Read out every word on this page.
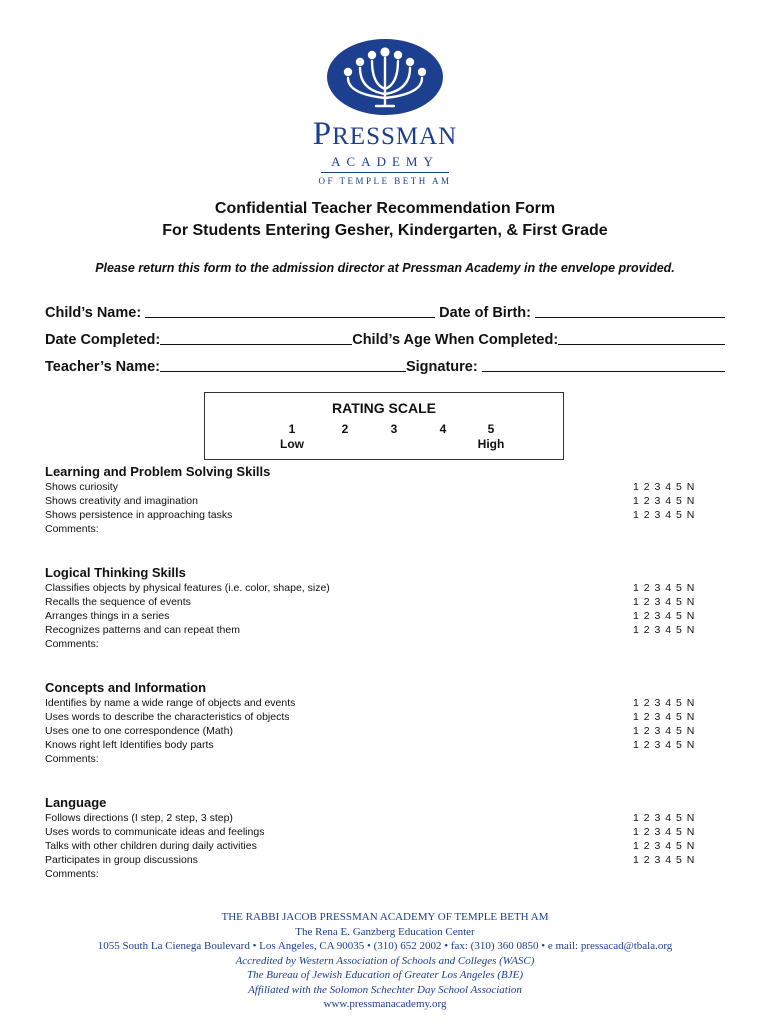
PRESSMAN
ACADEMY
OF TEMPLE BETH AM
Confidential Teacher Recommendation Form
For Students Entering Gesher, Kindergarten, & First Grade
Please return this form to the admission director at Pressman Academy in the envelope provided.
Child’s Name:	Date of Birth:
Date Completed:	Child’s Age When Completed:
Teacher’s Name:	Signature:
RATING SCALE
1	2	3	4	5
Low	High
Learning and Problem Solving Skills
Shows curiosity	1 2 3 4 5 N
Shows creativity and imagination	1 2 3 4 5 N
Shows persistence in approaching tasks	1 2 3 4 5 N
Comments:
Logical Thinking Skills
Classifies objects by physical features (i.e. color, shape, size)	1 2 3 4 5 N
Recalls the sequence of events	1 2 3 4 5 N
Arranges things in a series	1 2 3 4 5 N
Recognizes patterns and can repeat them	1 2 3 4 5 N
Comments:
Concepts and Information
Identifies by name a wide range of objects and events	1 2 3 4 5 N
Uses words to describe the characteristics of objects	1 2 3 4 5 N
Uses one to one correspondence (Math)	1 2 3 4 5 N
Knows right left Identifies body parts	1 2 3 4 5 N
Comments:
Language
Follows directions (I step, 2 step, 3 step)	1 2 3 4 5 N
Uses words to communicate ideas and feelings	1 2 3 4 5 N
Talks with other children during daily activities	1 2 3 4 5 N
Participates in group discussions	1 2 3 4 5 N
Comments:
THE RABBI JACOB PRESSMAN ACADEMY OF TEMPLE BETH AM
The Rena E. Ganzberg Education Center
1055 South La Cienega Boulevard • Los Angeles, CA 90035 • (310) 652 2002 • fax: (310) 360 0850 • e mail: pressacad@tbala.org
Accredited by Western Association of Schools and Colleges (WASC)
The Bureau of Jewish Education of Greater Los Angeles (BJE)
Affiliated with the Solomon Schechter Day School Association
www.pressmanacademy.org
